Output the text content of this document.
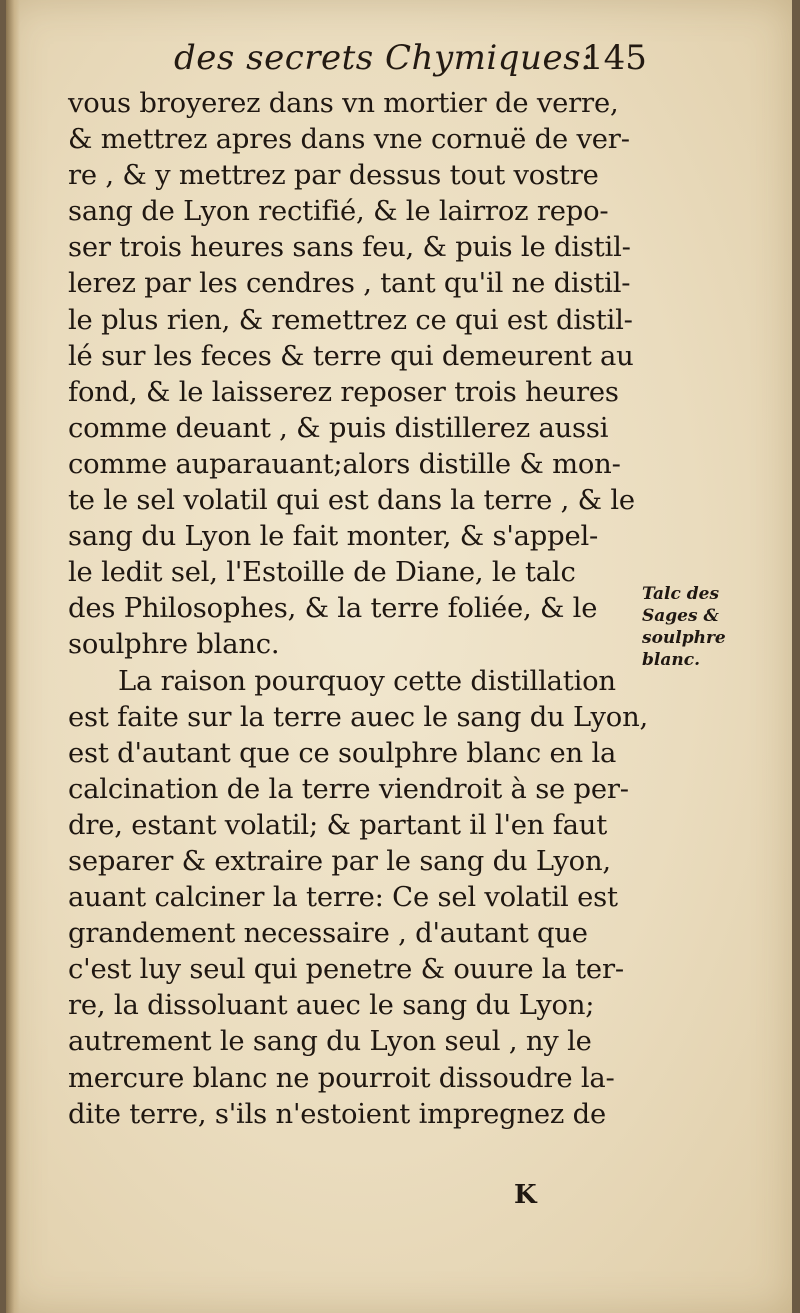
des secrets Chymiques:
145
vous broyerez dans vn mortier de verre,
& mettrez apres dans vne cornuë de ver-
re , & y mettrez par dessus tout vostre
sang de Lyon rectifié, & le lairroz repo-
ser trois heures sans feu, & puis le distil-
lerez par les cendres , tant qu'il ne distil-
le plus rien, & remettrez ce qui est distil-
lé sur les feces & terre qui demeurent au
fond, & le laisserez reposer trois heures
comme deuant , & puis distillerez aussi
comme auparauant;alors distille & mon-
te le sel volatil qui est dans la terre , & le
sang du Lyon le fait monter, & s'appel-
le ledit sel, l'Estoille de Diane, le talc
des Philosophes, & la terre foliée, & le
soulphre blanc.
La raison pourquoy cette distillation
est faite sur la terre auec le sang du Lyon,
est d'autant que ce soulphre blanc en la
calcination de la terre viendroit à se per-
dre, estant volatil; & partant il l'en faut
separer & extraire par le sang du Lyon,
auant calciner la terre: Ce sel volatil est
grandement necessaire , d'autant que
c'est luy seul qui penetre & ouure la ter-
re, la dissoluant auec le sang du Lyon;
autrement le sang du Lyon seul , ny le
mercure blanc ne pourroit dissoudre la-
dite terre, s'ils n'estoient impregnez de
Talc des
Sages &
soulphre
blanc.
K
